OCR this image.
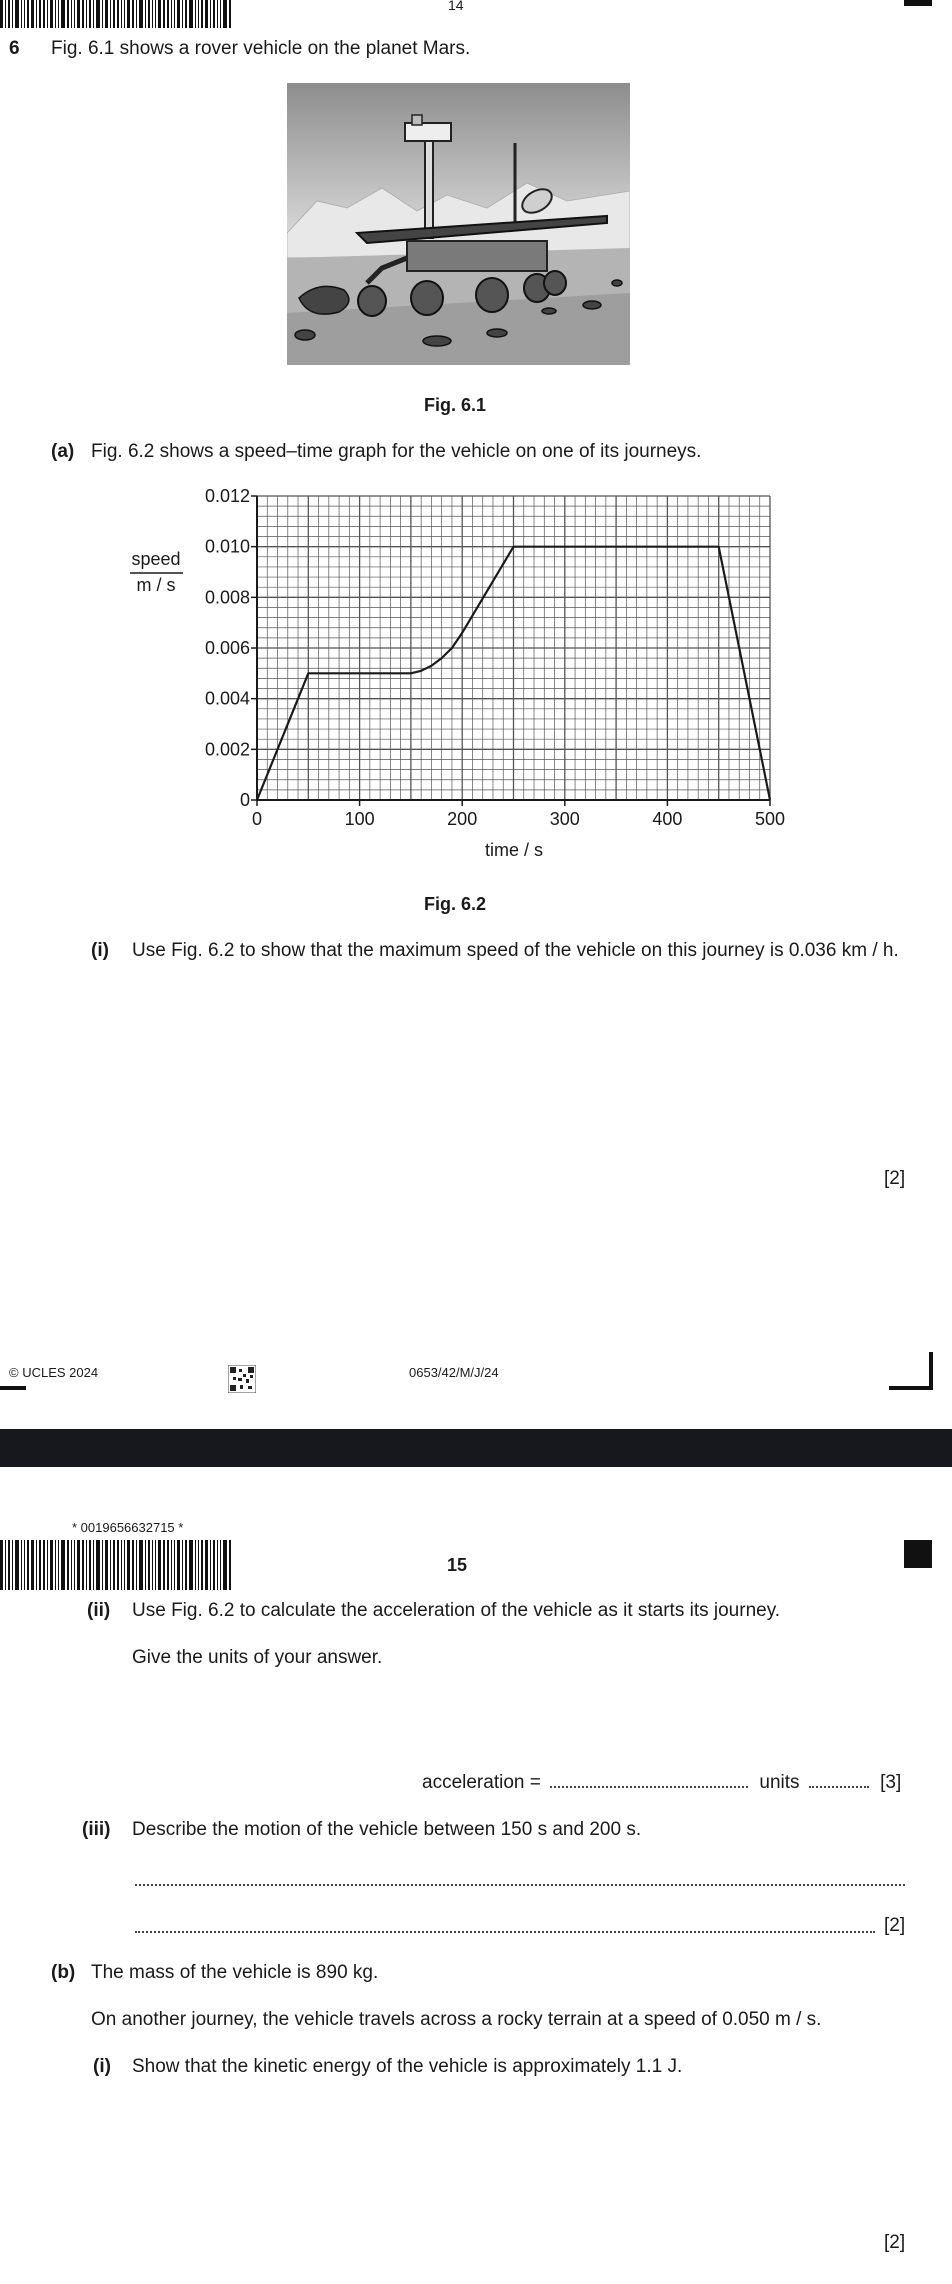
14
6 Fig. 6.1 shows a rover vehicle on the planet Mars.
Fig. 6.1
(a) Fig. 6.2 shows a speed–time graph for the vehicle on one of its journeys.
0	100	200	300	400	500
0
0.002
0.004
0.006
0.008
0.010
0.012
time / s
speed
m / s
Fig. 6.2
(i) Use Fig. 6.2 to show that the maximum speed of the vehicle on this journey is 0.036 km / h.
[2]
© UCLES 2024	0653/42/M/J/24
* 0019656632715 *
15
(ii) Use Fig. 6.2 to calculate the acceleration of the vehicle as it starts its journey.
Give the units of your answer.
acceleration =	units	[3]
(iii) Describe the motion of the vehicle between 150 s and 200 s.
[2]
(b) The mass of the vehicle is 890 kg.
On another journey, the vehicle travels across a rocky terrain at a speed of 0.050 m / s.
(i) Show that the kinetic energy of the vehicle is approximately 1.1 J.
[2]
